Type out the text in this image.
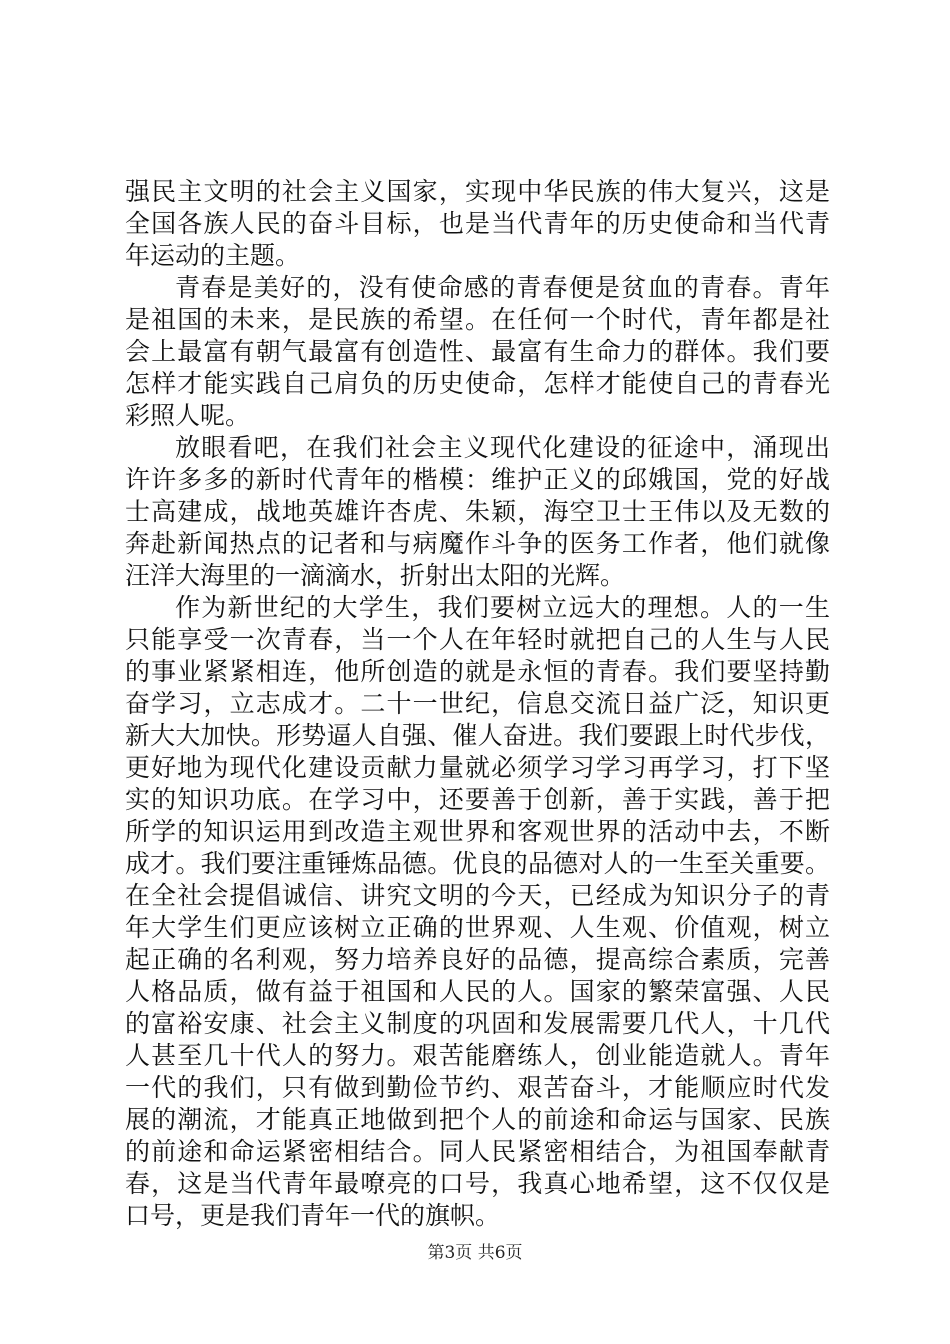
强民主文明的社会主义国家，实现中华民族的伟大复兴，这是
全国各族人民的奋斗目标，也是当代青年的历史使命和当代青
年运动的主题。
青春是美好的，没有使命感的青春便是贫血的青春。青年
是祖国的未来，是民族的希望。在任何一个时代，青年都是社
会上最富有朝气最富有创造性、最富有生命力的群体。我们要
怎样才能实践自己肩负的历史使命，怎样才能使自己的青春光
彩照人呢。
放眼看吧，在我们社会主义现代化建设的征途中，涌现出
许许多多的新时代青年的楷模：维护正义的邱娥国，党的好战
士高建成，战地英雄许杏虎、朱颖，海空卫士王伟以及无数的
奔赴新闻热点的记者和与病魔作斗争的医务工作者，他们就像
汪洋大海里的一滴滴水，折射出太阳的光辉。
作为新世纪的大学生，我们要树立远大的理想。人的一生
只能享受一次青春，当一个人在年轻时就把自己的人生与人民
的事业紧紧相连，他所创造的就是永恒的青春。我们要坚持勤
奋学习，立志成才。二十一世纪，信息交流日益广泛，知识更
新大大加快。形势逼人自强、催人奋进。我们要跟上时代步伐，
更好地为现代化建设贡献力量就必须学习学习再学习，打下坚
实的知识功底。在学习中，还要善于创新，善于实践，善于把
所学的知识运用到改造主观世界和客观世界的活动中去，不断
成才。我们要注重锤炼品德。优良的品德对人的一生至关重要。
在全社会提倡诚信、讲究文明的今天，已经成为知识分子的青
年大学生们更应该树立正确的世界观、人生观、价值观，树立
起正确的名利观，努力培养良好的品德，提高综合素质，完善
人格品质，做有益于祖国和人民的人。国家的繁荣富强、人民
的富裕安康、社会主义制度的巩固和发展需要几代人，十几代
人甚至几十代人的努力。艰苦能磨练人，创业能造就人。青年
一代的我们，只有做到勤俭节约、艰苦奋斗，才能顺应时代发
展的潮流，才能真正地做到把个人的前途和命运与国家、民族
的前途和命运紧密相结合。同人民紧密相结合，为祖国奉献青
春，这是当代青年最嘹亮的口号，我真心地希望，这不仅仅是
口号，更是我们青年一代的旗帜。
第3页 共6页
